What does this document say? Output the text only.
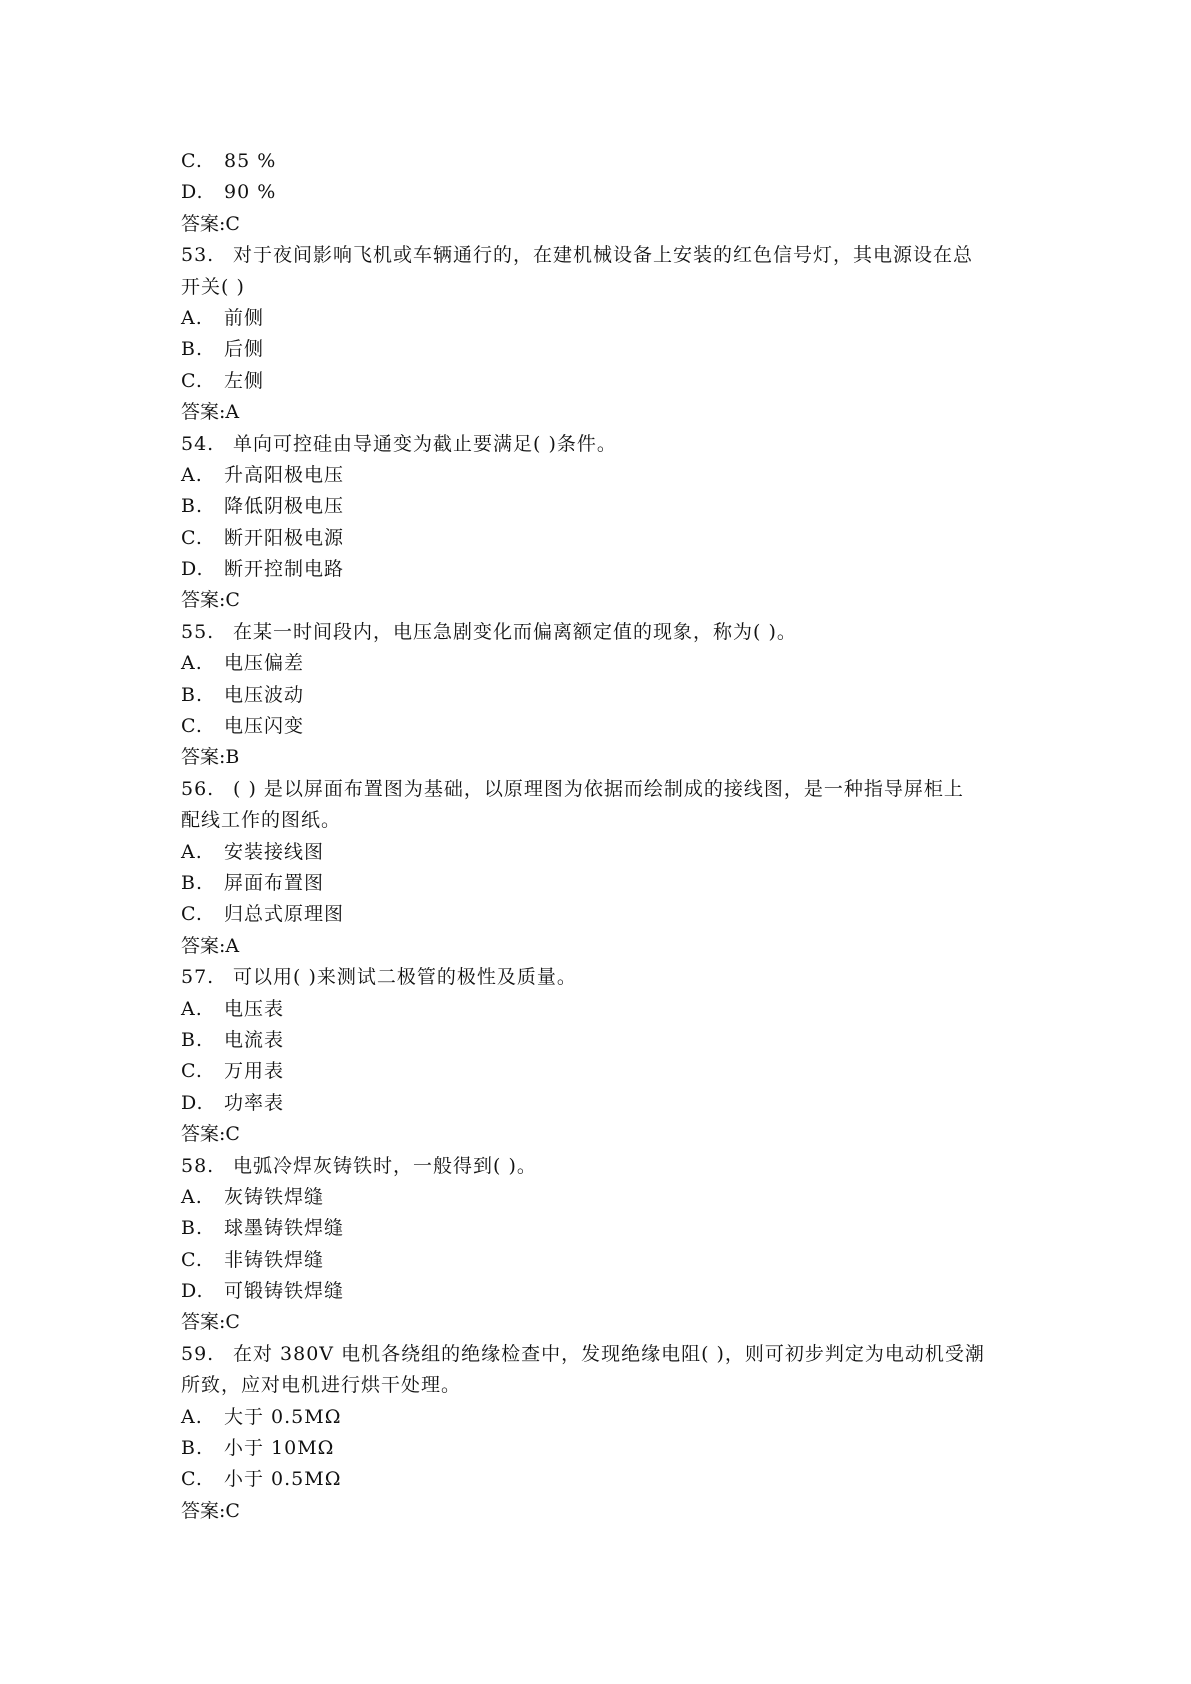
C. 85 %
D. 90 %
答案:C
53. 对于夜间影响飞机或车辆通行的，在建机械设备上安装的红色信号灯，其电源设在总
开关( )
A. 前侧
B. 后侧
C. 左侧
答案:A
54. 单向可控硅由导通变为截止要满足( )条件。
A. 升高阳极电压
B. 降低阴极电压
C. 断开阳极电源
D. 断开控制电路
答案:C
55. 在某一时间段内，电压急剧变化而偏离额定值的现象，称为( )。
A. 电压偏差
B. 电压波动
C. 电压闪变
答案:B
56. ( ) 是以屏面布置图为基础，以原理图为依据而绘制成的接线图，是一种指导屏柜上
配线工作的图纸。
A. 安装接线图
B. 屏面布置图
C. 归总式原理图
答案:A
57. 可以用( )来测试二极管的极性及质量。
A. 电压表
B. 电流表
C. 万用表
D. 功率表
答案:C
58. 电弧冷焊灰铸铁时，一般得到( )。
A. 灰铸铁焊缝
B. 球墨铸铁焊缝
C. 非铸铁焊缝
D. 可锻铸铁焊缝
答案:C
59. 在对 380V 电机各绕组的绝缘检查中，发现绝缘电阻( )，则可初步判定为电动机受潮
所致，应对电机进行烘干处理。
A. 大于 0.5MΩ
B. 小于 10MΩ
C. 小于 0.5MΩ
答案:C
